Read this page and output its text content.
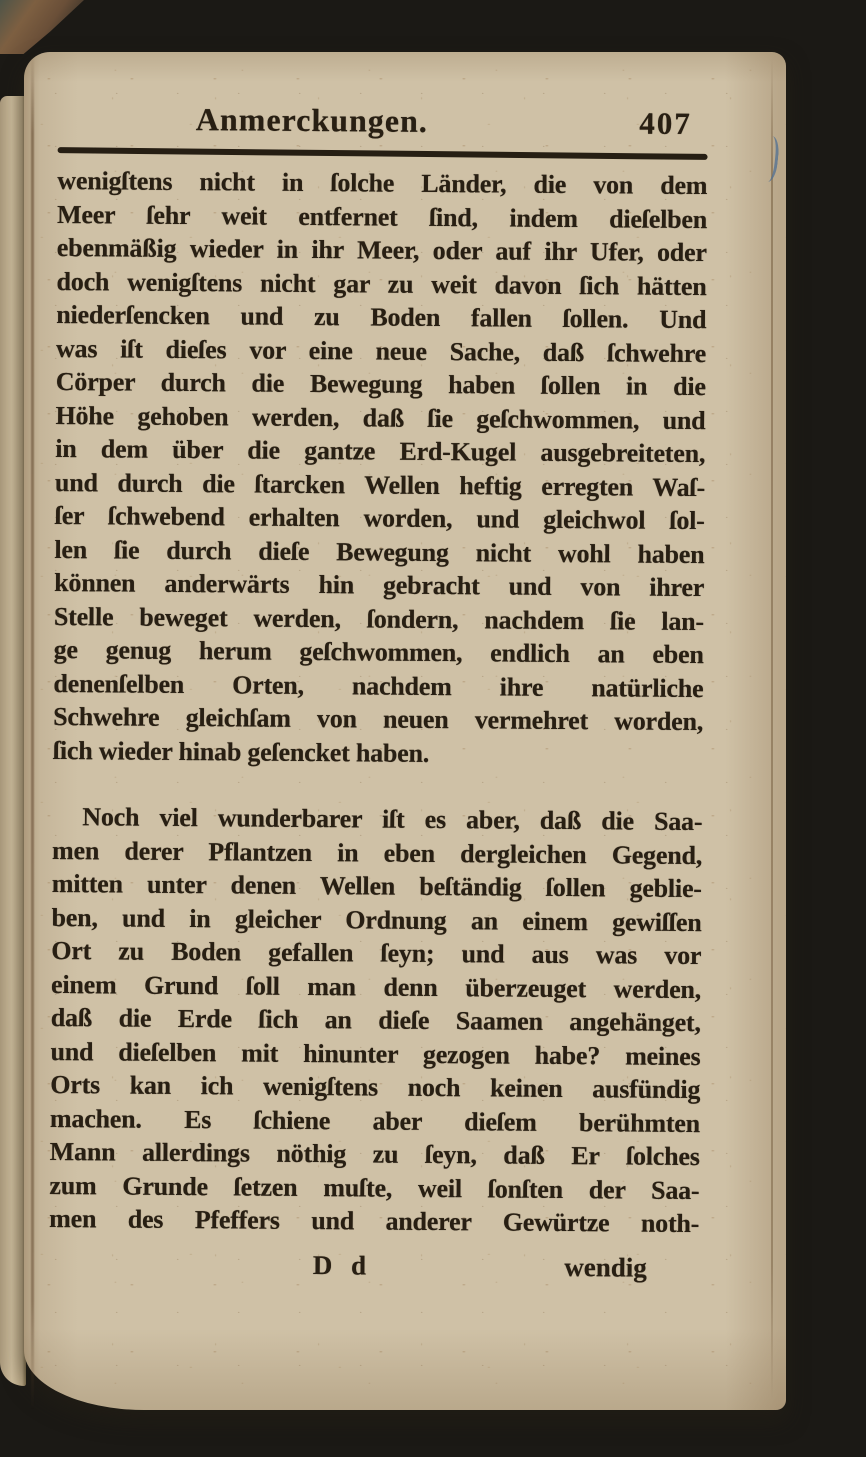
Anmerckungen.	407
wenigſtens nicht in ſolche Länder, die von dem
Meer ſehr weit entfernet ſind, indem dieſelben
ebenmäßig wieder in ihr Meer, oder auf ihr Ufer, oder
doch wenigſtens nicht gar zu weit davon ſich hätten
niederſencken und zu Boden fallen ſollen. Und
was iſt dieſes vor eine neue Sache, daß ſchwehre
Cörper durch die Bewegung haben ſollen in die
Höhe gehoben werden, daß ſie geſchwommen, und
in dem über die gantze Erd-Kugel ausgebreiteten,
und durch die ſtarcken Wellen heftig erregten Waſ-
ſer ſchwebend erhalten worden, und gleichwol ſol-
len ſie durch dieſe Bewegung nicht wohl haben
können anderwärts hin gebracht und von ihrer
Stelle beweget werden, ſondern, nachdem ſie lan-
ge genug herum geſchwommen, endlich an eben
denenſelben Orten, nachdem ihre natürliche
Schwehre gleichſam von neuen vermehret worden,
ſich wieder hinab geſencket haben.
Noch viel wunderbarer iſt es aber, daß die Saa-
men derer Pflantzen in eben dergleichen Gegend,
mitten unter denen Wellen beſtändig ſollen geblie-
ben, und in gleicher Ordnung an einem gewiſſen
Ort zu Boden gefallen ſeyn; und aus was vor
einem Grund ſoll man denn überzeuget werden,
daß die Erde ſich an dieſe Saamen angehänget,
und dieſelben mit hinunter gezogen habe? meines
Orts kan ich wenigſtens noch keinen ausfündig
machen. Es ſchiene aber dieſem berühmten
Mann allerdings nöthig zu ſeyn, daß Er ſolches
zum Grunde ſetzen muſte, weil ſonſten der Saa-
men des Pfeffers und anderer Gewürtze noth-
D d	wendig
